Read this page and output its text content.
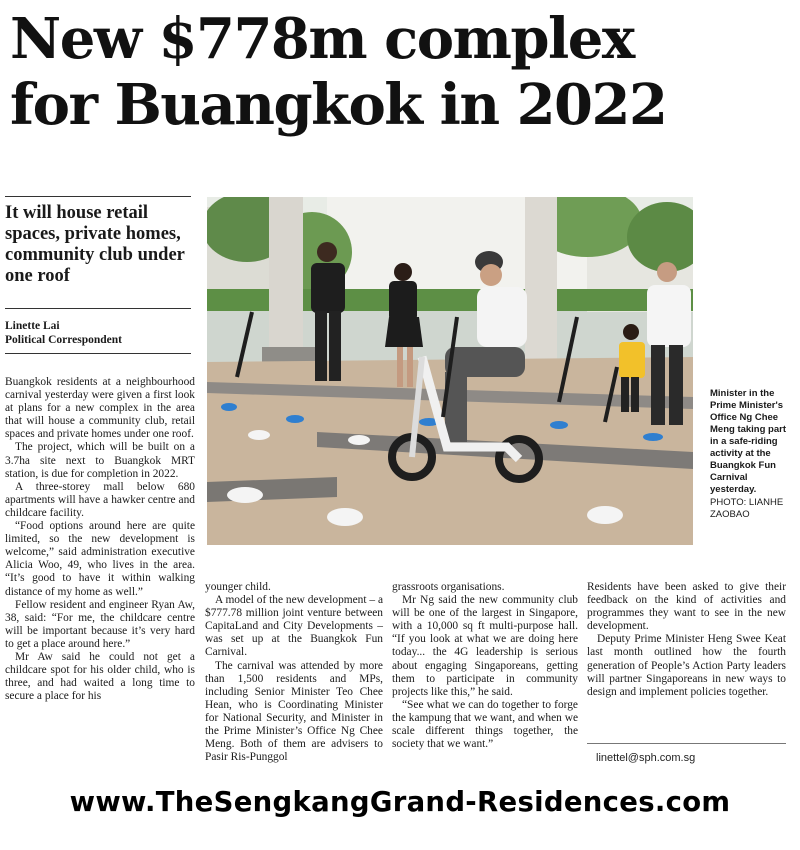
New $778m complex
for Buangkok in 2022
It will house retail spaces, private homes, community club under one roof
Linette Lai
Political Correspondent
Minister in the Prime Minister's Office Ng Chee Meng taking part in a safe-riding activity at the Buangkok Fun Carnival yesterday.
PHOTO: LIANHE ZAOBAO

Buangkok residents at a neighbourhood carnival yesterday were given a first look at plans for a new complex in the area that will house a community club, retail spaces and private homes under one roof.

The project, which will be built on a 3.7ha site next to Buangkok MRT station, is due for completion in 2022.

A three-storey mall below 680 apartments will have a hawker centre and childcare facility.

“Food options around here are quite limited, so the new development is welcome,” said administration executive Alicia Woo, 49, who lives in the area. “It’s good to have it within walking distance of my home as well.”

Fellow resident and engineer Ryan Aw, 38, said: “For me, the childcare centre will be important because it’s very hard to get a place around here.”

Mr Aw said he could not get a childcare spot for his older child, who is three, and had waited a long time to secure a place for his

younger child.

A model of the new development – a $777.78 million joint venture between CapitaLand and City Developments – was set up at the Buangkok Fun Carnival.

The carnival was attended by more than 1,500 residents and MPs, including Senior Minister Teo Chee Hean, who is Coordinating Minister for National Security, and Minister in the Prime Minister’s Office Ng Chee Meng. Both of them are advisers to Pasir Ris-Punggol

grassroots organisations.

Mr Ng said the new community club will be one of the largest in Singapore, with a 10,000 sq ft multi-purpose hall. “If you look at what we are doing here today... the 4G leadership is serious about engaging Singaporeans, getting them to participate in community projects like this,” he said.

“See what we can do together to forge the kampung that we want, and when we scale different things together, the society that we want.”

Residents have been asked to give their feedback on the kind of activities and programmes they want to see in the new development.

Deputy Prime Minister Heng Swee Keat last month outlined how the fourth generation of People’s Action Party leaders will partner Singaporeans in new ways to design and implement policies together.

linettel@sph.com.sg
www.TheSengkangGrand-Residences.com
